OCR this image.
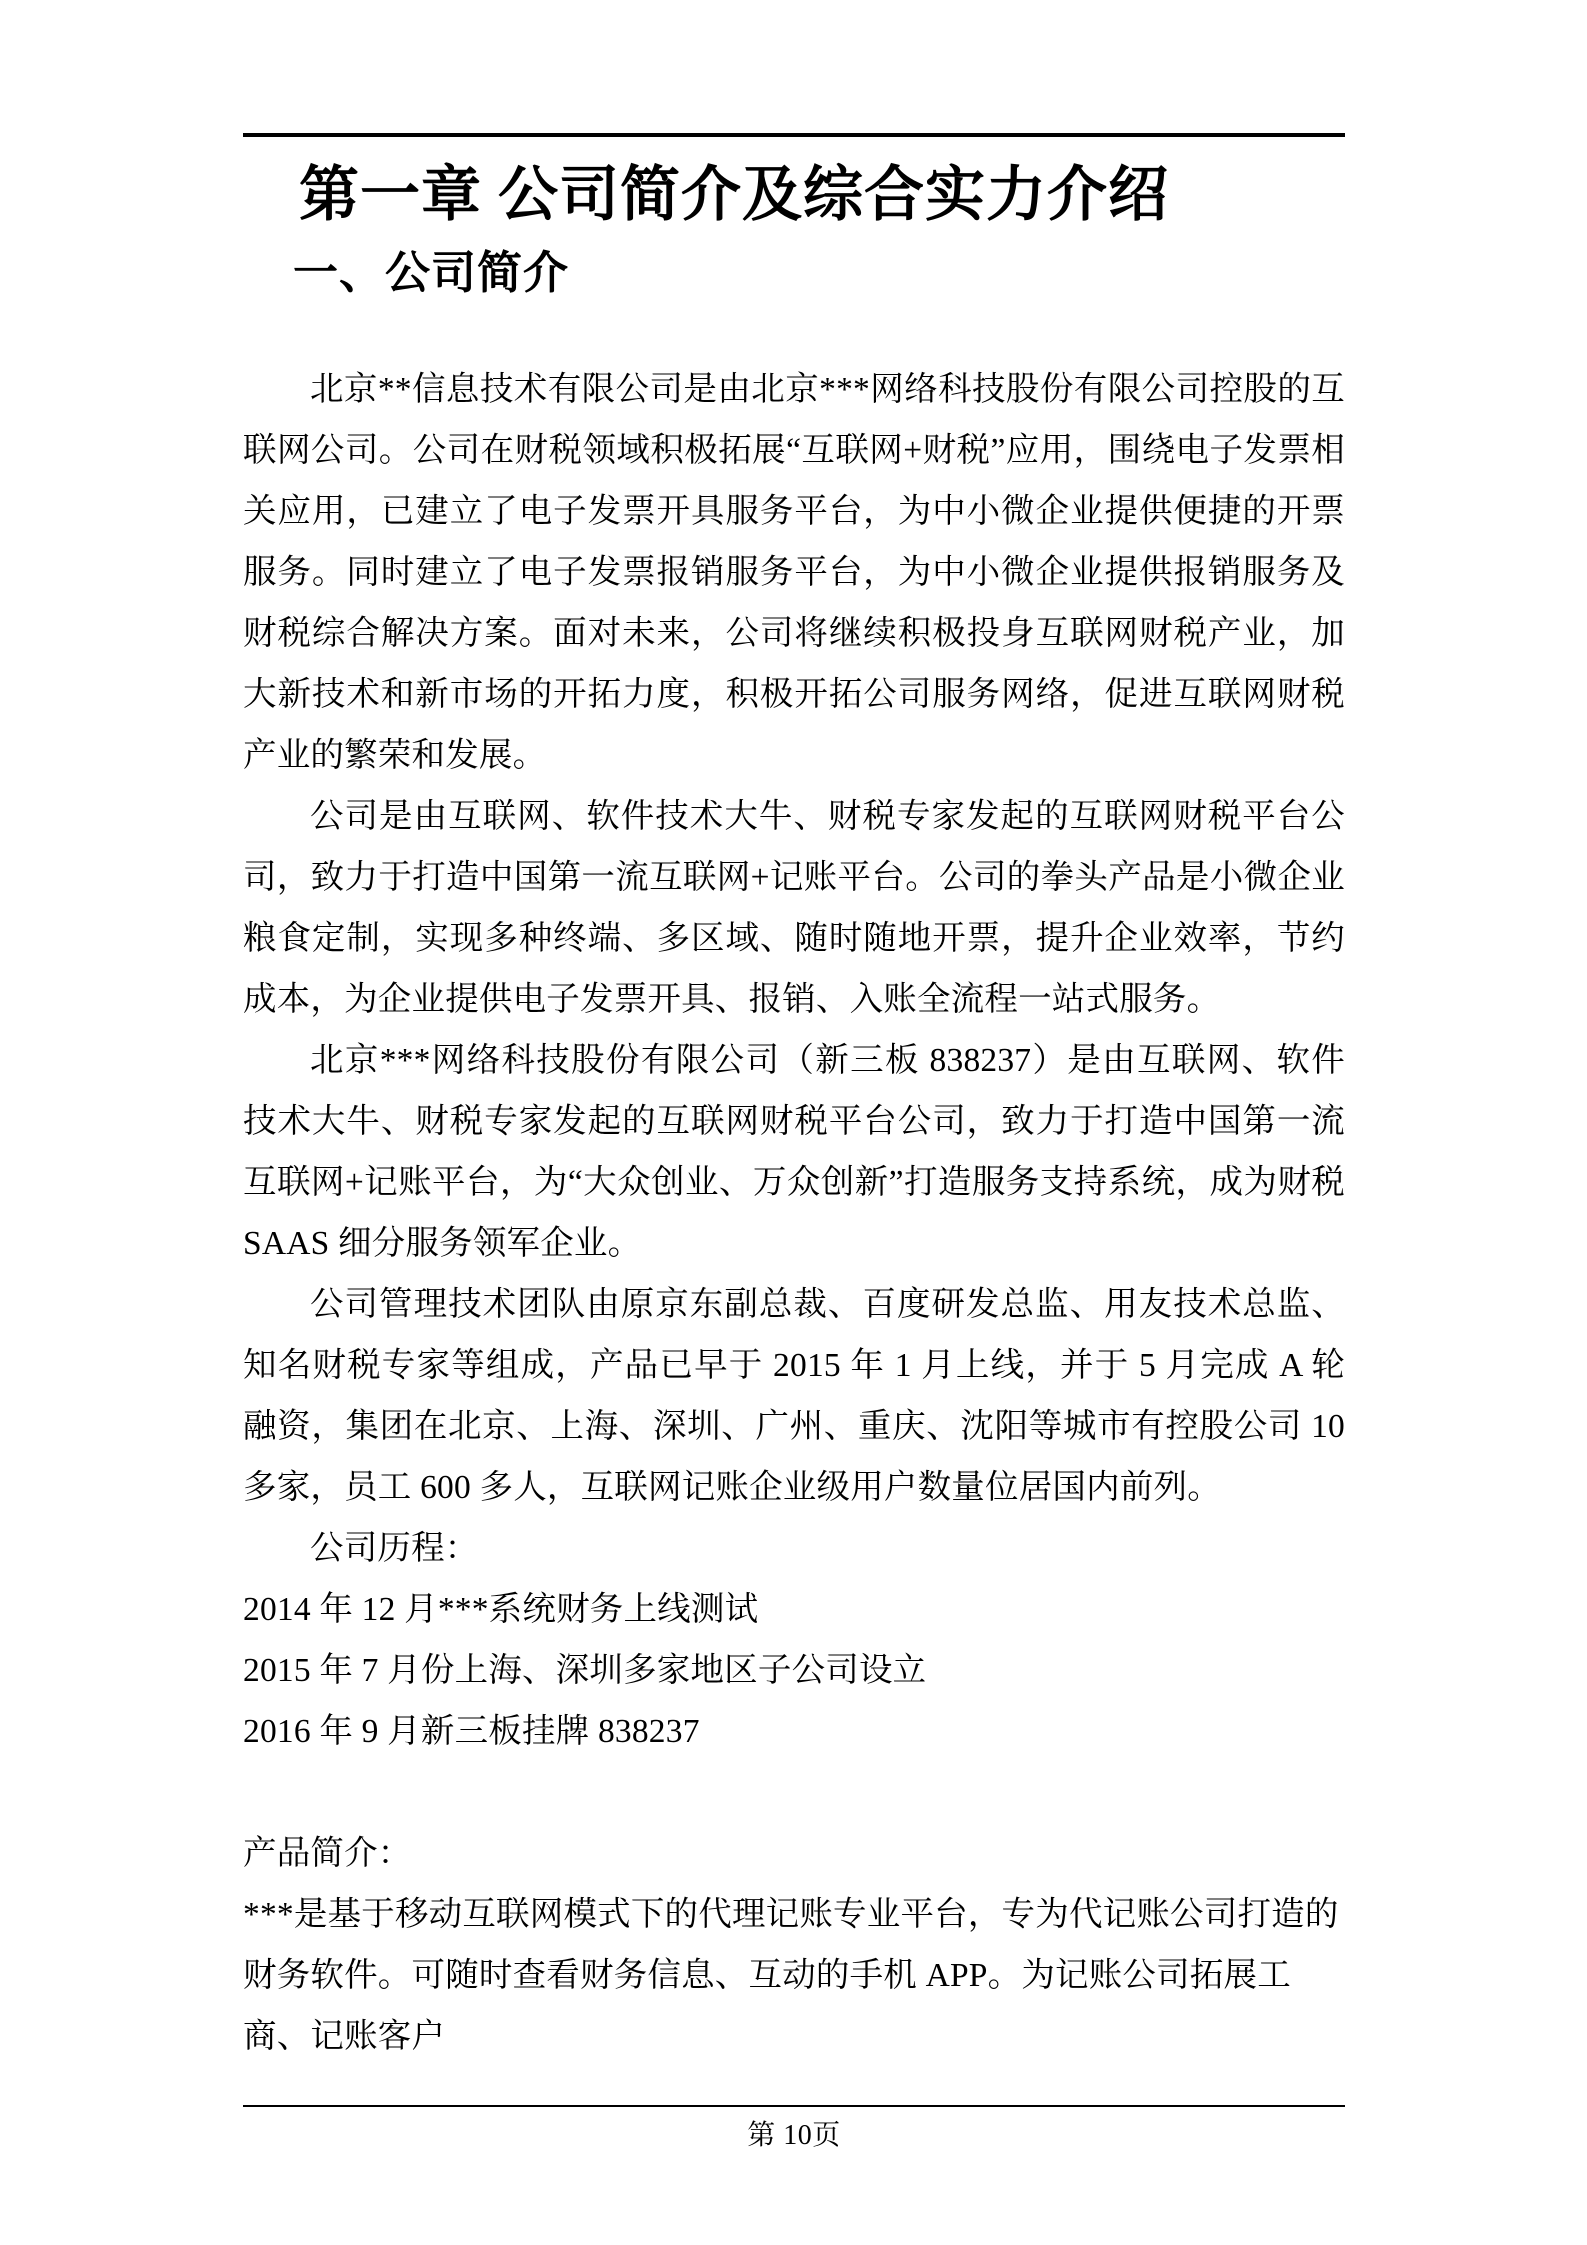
第一章 公司简介及综合实力介绍
一、公司简介

北京**信息技术有限公司是由北京***网络科技股份有限公司控股的互联网公司。公司在财税领域积极拓展“互联网+财税”应用，围绕电子发票相关应用，已建立了电子发票开具服务平台，为中小微企业提供便捷的开票服务。同时建立了电子发票报销服务平台，为中小微企业提供报销服务及财税综合解决方案。面对未来，公司将继续积极投身互联网财税产业，加大新技术和新市场的开拓力度，积极开拓公司服务网络，促进互联网财税产业的繁荣和发展。

公司是由互联网、软件技术大牛、财税专家发起的互联网财税平台公司，致力于打造中国第一流互联网+记账平台。公司的拳头产品是小微企业粮食定制，实现多种终端、多区域、随时随地开票，提升企业效率，节约成本，为企业提供电子发票开具、报销、入账全流程一站式服务。

北京***网络科技股份有限公司（新三板 838237）是由互联网、软件技术大牛、财税专家发起的互联网财税平台公司，致力于打造中国第一流互联网+记账平台，为“大众创业、万众创新”打造服务支持系统，成为财税 SAAS 细分服务领军企业。

公司管理技术团队由原京东副总裁、百度研发总监、用友技术总监、知名财税专家等组成，产品已早于 2015 年 1 月上线，并于 5 月完成 A 轮融资，集团在北京、上海、深圳、广州、重庆、沈阳等城市有控股公司 10 多家，员工 600 多人，互联网记账企业级用户数量位居国内前列。

公司历程：

2014 年 12 月***系统财务上线测试
2015 年 7 月份上海、深圳多家地区子公司设立
2016 年 9 月新三板挂牌 838237

产品简介：

***是基于移动互联网模式下的代理记账专业平台，专为代记账公司打造的财务软件。可随时查看财务信息、互动的手机 APP。为记账公司拓展工商、记账客户

第 10页
